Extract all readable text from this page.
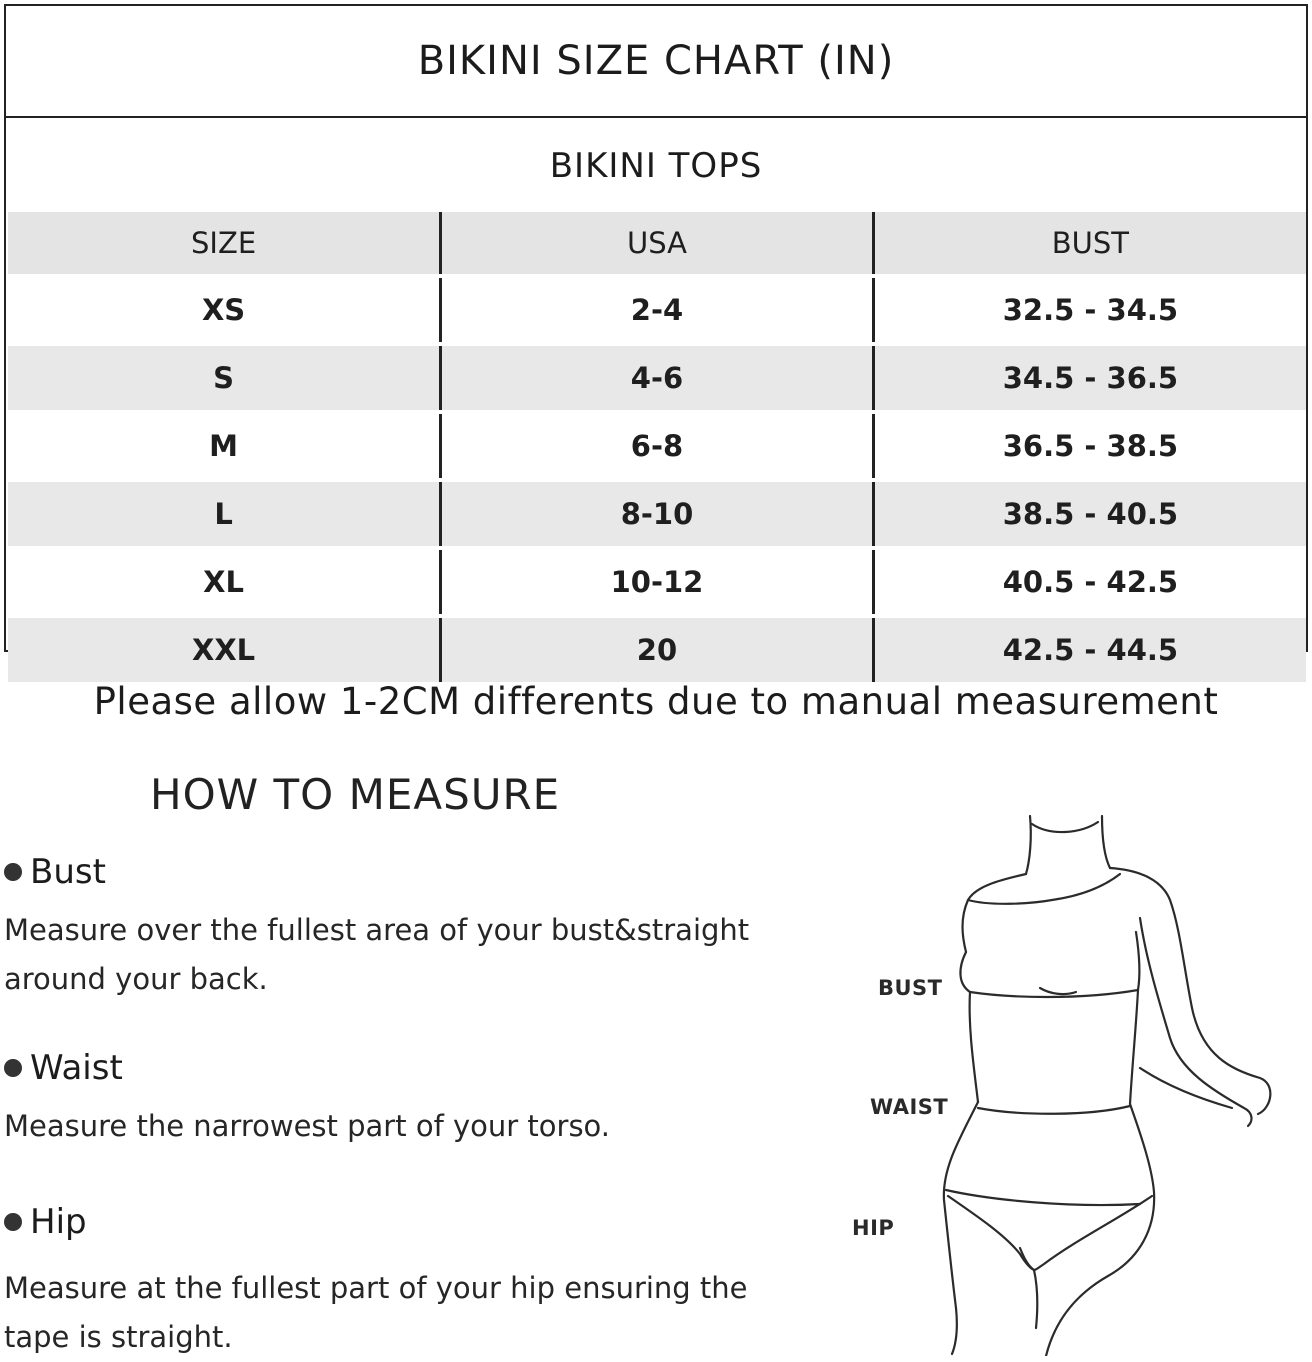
BIKINI SIZE CHART (IN)
BIKINI TOPS
SIZE	USA	BUST
XS	2-4	32.5 - 34.5
S	4-6	34.5 - 36.5
M	6-8	36.5 - 38.5
L	8-10	38.5 - 40.5
XL	10-12	40.5 - 42.5
XXL	20	42.5 - 44.5
Please allow 1-2CM differents due to manual measurement
HOW TO MEASURE
Bust
Measure over the fullest area of your bust&straight around your back.
Waist
Measure the narrowest part of your torso.
Hip
Measure at the fullest part of your hip ensuring the tape is straight.
BUST
WAIST
HIP
